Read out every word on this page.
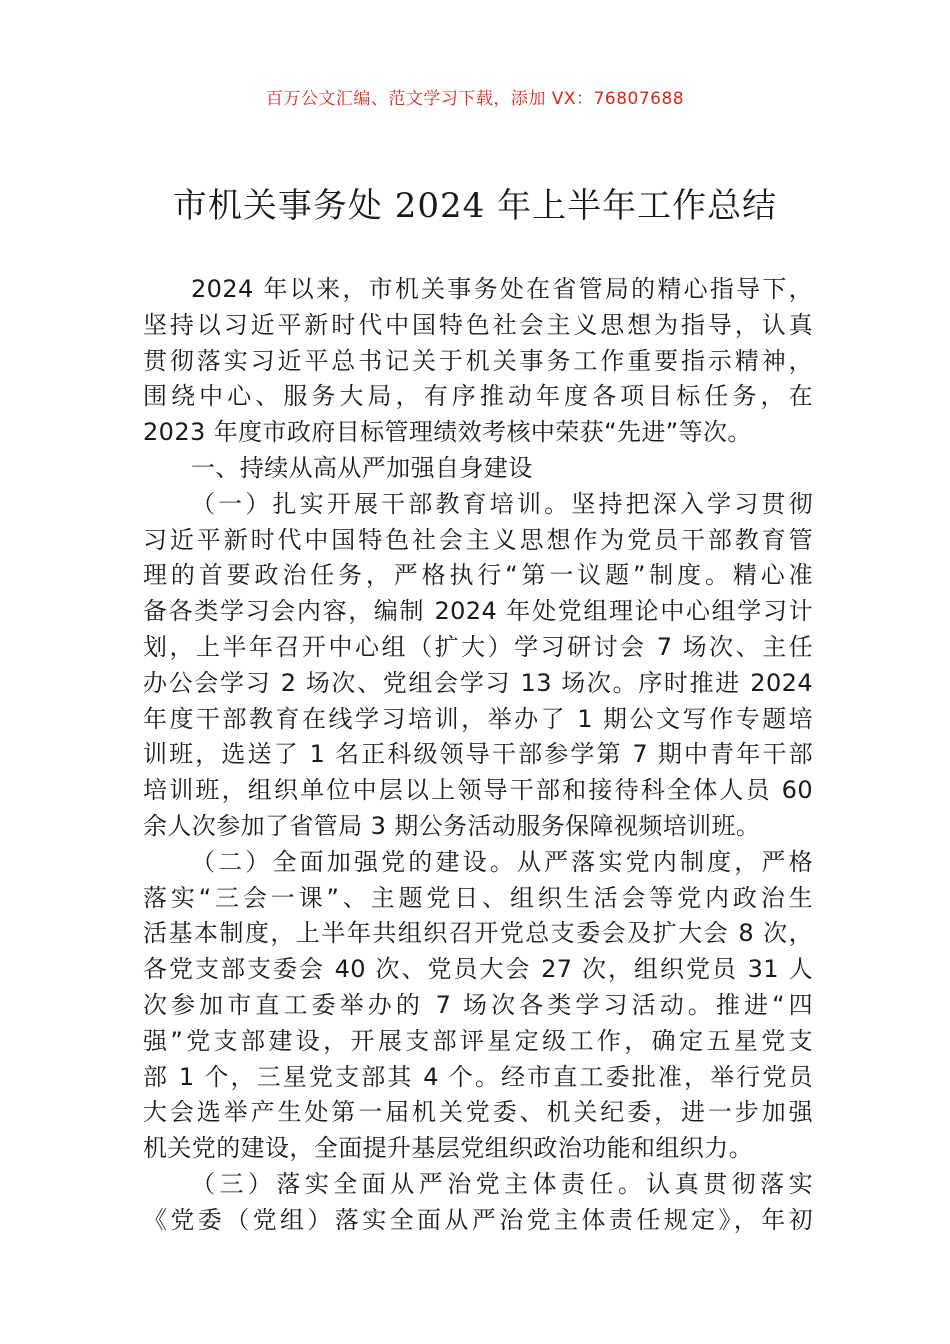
百万公文汇编、范文学习下载，添加 VX：76807688
市机关事务处 2024 年上半年工作总结
2024 年以来，市机关事务处在省管局的精心指导下，
坚持以习近平新时代中国特色社会主义思想为指导，认真
贯彻落实习近平总书记关于机关事务工作重要指示精神，
围绕中心、服务大局，有序推动年度各项目标任务，在
2023 年度市政府目标管理绩效考核中荣获“先进”等次。
一、持续从高从严加强自身建设
（一）扎实开展干部教育培训。坚持把深入学习贯彻
习近平新时代中国特色社会主义思想作为党员干部教育管
理的首要政治任务，严格执行“第一议题”制度。精心准
备各类学习会内容，编制 2024 年处党组理论中心组学习计
划，上半年召开中心组（扩大）学习研讨会 7 场次、主任
办公会学习 2 场次、党组会学习 13 场次。序时推进 2024
年度干部教育在线学习培训，举办了 1 期公文写作专题培
训班，选送了 1 名正科级领导干部参学第 7 期中青年干部
培训班，组织单位中层以上领导干部和接待科全体人员 60
余人次参加了省管局 3 期公务活动服务保障视频培训班。
（二）全面加强党的建设。从严落实党内制度，严格
落实“三会一课”、主题党日、组织生活会等党内政治生
活基本制度，上半年共组织召开党总支委会及扩大会 8 次，
各党支部支委会 40 次、党员大会 27 次，组织党员 31 人
次参加市直工委举办的 7 场次各类学习活动。推进“四
强”党支部建设，开展支部评星定级工作，确定五星党支
部 1 个，三星党支部其 4 个。经市直工委批准，举行党员
大会选举产生处第一届机关党委、机关纪委，进一步加强
机关党的建设，全面提升基层党组织政治功能和组织力。
（三）落实全面从严治党主体责任。认真贯彻落实
《党委（党组）落实全面从严治党主体责任规定》，年初
